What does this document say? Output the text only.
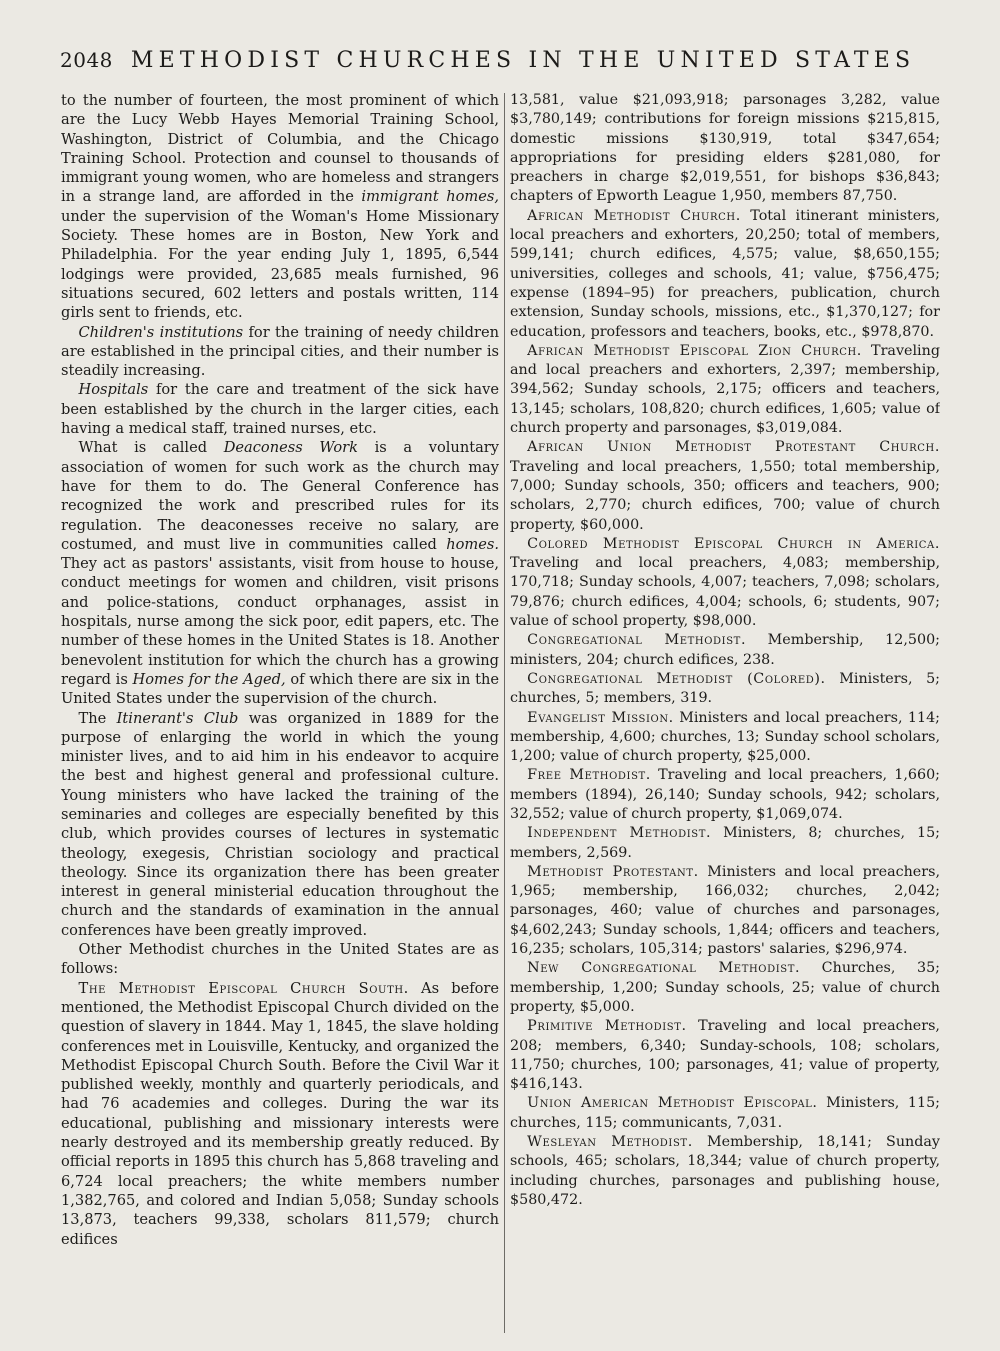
2048 METHODIST CHURCHES IN THE UNITED STATES

to the number of fourteen, the most prominent of which are the Lucy Webb Hayes Memorial Training School, Washington, District of Columbia, and the Chicago Training School. Protection and counsel to thousands of immigrant young women, who are homeless and strangers in a strange land, are afforded in the immigrant homes, under the supervision of the Woman's Home Missionary Society. These homes are in Boston, New York and Philadelphia. For the year ending July 1, 1895, 6,544 lodgings were provided, 23,685 meals furnished, 96 situations secured, 602 letters and postals written, 114 girls sent to friends, etc.

Children's institutions for the training of needy children are established in the principal cities, and their number is steadily increasing.

Hospitals for the care and treatment of the sick have been established by the church in the larger cities, each having a medical staff, trained nurses, etc.

What is called Deaconess Work is a voluntary association of women for such work as the church may have for them to do. The General Conference has recognized the work and prescribed rules for its regulation. The deaconesses receive no salary, are costumed, and must live in communities called homes. They act as pastors' assistants, visit from house to house, conduct meetings for women and children, visit prisons and police-stations, conduct orphanages, assist in hospitals, nurse among the sick poor, edit papers, etc. The number of these homes in the United States is 18. Another benevolent institution for which the church has a growing regard is Homes for the Aged, of which there are six in the United States under the supervision of the church.

The Itinerant's Club was organized in 1889 for the purpose of enlarging the world in which the young minister lives, and to aid him in his endeavor to acquire the best and highest general and professional culture. Young ministers who have lacked the training of the seminaries and colleges are especially benefited by this club, which provides courses of lectures in systematic theology, exegesis, Christian sociology and practical theology. Since its organization there has been greater interest in general ministerial education throughout the church and the standards of examination in the annual conferences have been greatly improved.

Other Methodist churches in the United States are as follows:

The Methodist Episcopal Church South. As before mentioned, the Methodist Episcopal Church divided on the question of slavery in 1844. May 1, 1845, the slave holding conferences met in Louisville, Kentucky, and organized the Methodist Episcopal Church South. Before the Civil War it published weekly, monthly and quarterly periodicals, and had 76 academies and colleges. During the war its educational, publishing and missionary interests were nearly destroyed and its membership greatly reduced. By official reports in 1895 this church has 5,868 traveling and 6,724 local preachers; the white members number 1,382,765, and colored and Indian 5,058; Sunday schools 13,873, teachers 99,338, scholars 811,579; church edifices

13,581, value $21,093,918; parsonages 3,282, value $3,780,149; contributions for foreign missions $215,815, domestic missions $130,919, total $347,654; appropriations for presiding elders $281,080, for preachers in charge $2,019,551, for bishops $36,843; chapters of Epworth League 1,950, members 87,750.

African Methodist Church. Total itinerant ministers, local preachers and exhorters, 20,250; total of members, 599,141; church edifices, 4,575; value, $8,650,155; universities, colleges and schools, 41; value, $756,475; expense (1894–95) for preachers, publication, church extension, Sunday schools, missions, etc., $1,370,127; for education, professors and teachers, books, etc., $978,870.

African Methodist Episcopal Zion Church. Traveling and local preachers and exhorters, 2,397; membership, 394,562; Sunday schools, 2,175; officers and teachers, 13,145; scholars, 108,820; church edifices, 1,605; value of church property and parsonages, $3,019,084.

African Union Methodist Protestant Church. Traveling and local preachers, 1,550; total membership, 7,000; Sunday schools, 350; officers and teachers, 900; scholars, 2,770; church edifices, 700; value of church property, $60,000.

Colored Methodist Episcopal Church in America. Traveling and local preachers, 4,083; membership, 170,718; Sunday schools, 4,007; teachers, 7,098; scholars, 79,876; church edifices, 4,004; schools, 6; students, 907; value of school property, $98,000.

Congregational Methodist. Membership, 12,500; ministers, 204; church edifices, 238.

Congregational Methodist (Colored). Ministers, 5; churches, 5; members, 319.

Evangelist Mission. Ministers and local preachers, 114; membership, 4,600; churches, 13; Sunday school scholars, 1,200; value of church property, $25,000.

Free Methodist. Traveling and local preachers, 1,660; members (1894), 26,140; Sunday schools, 942; scholars, 32,552; value of church property, $1,069,074.

Independent Methodist. Ministers, 8; churches, 15; members, 2,569.

Methodist Protestant. Ministers and local preachers, 1,965; membership, 166,032; churches, 2,042; parsonages, 460; value of churches and parsonages, $4,602,243; Sunday schools, 1,844; officers and teachers, 16,235; scholars, 105,314; pastors' salaries, $296,974.

New Congregational Methodist. Churches, 35; membership, 1,200; Sunday schools, 25; value of church property, $5,000.

Primitive Methodist. Traveling and local preachers, 208; members, 6,340; Sunday-schools, 108; scholars, 11,750; churches, 100; parsonages, 41; value of property, $416,143.

Union American Methodist Episcopal. Ministers, 115; churches, 115; communicants, 7,031.

Wesleyan Methodist. Membership, 18,141; Sunday schools, 465; scholars, 18,344; value of church property, including churches, parsonages and publishing house, $580,472.
